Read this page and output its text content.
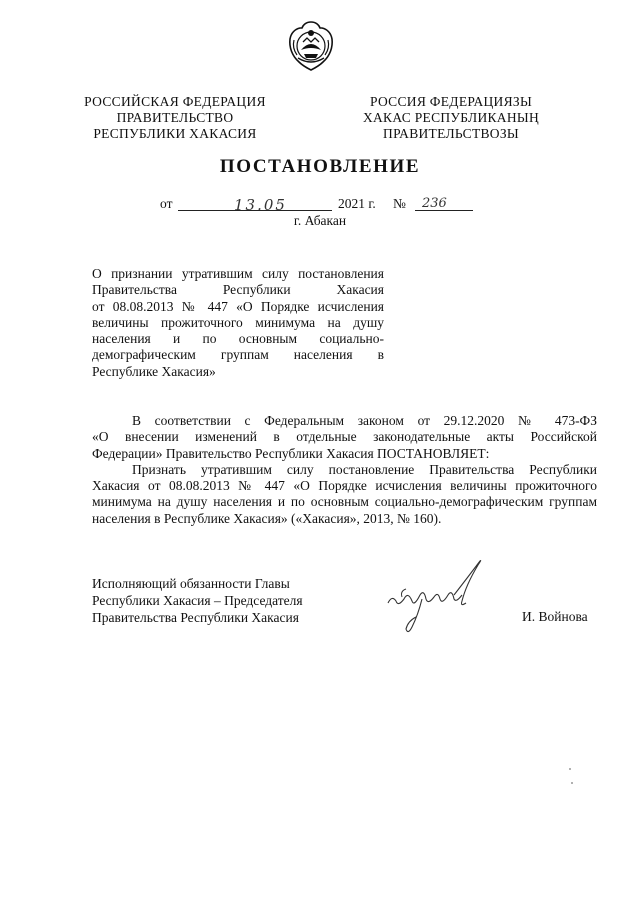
РОССИЙСКАЯ ФЕДЕРАЦИЯ
ПРАВИТЕЛЬСТВО
РЕСПУБЛИКИ ХАКАСИЯ
РОССИЯ ФЕДЕРАЦИЯЗЫ
ХАКАС РЕСПУБЛИКАНЫҢ
ПРАВИТЕЛЬСТВОЗЫ
ПОСТАНОВЛЕНИЕ
от	13.05	2021 г. № 236
г. Абакан
О признании утратившим силу постановления
Правительства Республики Хакасия
от 08.08.2013 № 447 «О Порядке исчисления
величины прожиточного минимума на душу
населения и по основным социально-
демографическим группам населения в
Республике Хакасия»
В соответствии с Федеральным законом от 29.12.2020 № 473-ФЗ
«О внесении изменений в отдельные законодательные акты Российской
Федерации» Правительство Республики Хакасия ПОСТАНОВЛЯЕТ:
Признать утратившим силу постановление Правительства Республики
Хакасия от 08.08.2013 № 447 «О Порядке исчисления величины прожиточного
минимума на душу населения и по основным социально-демографическим группам
населения в Республике Хакасия» («Хакасия», 2013, № 160).
Исполняющий обязанности Главы
Республики Хакасия – Председателя
Правительства Республики Хакасия	И. Войнова
